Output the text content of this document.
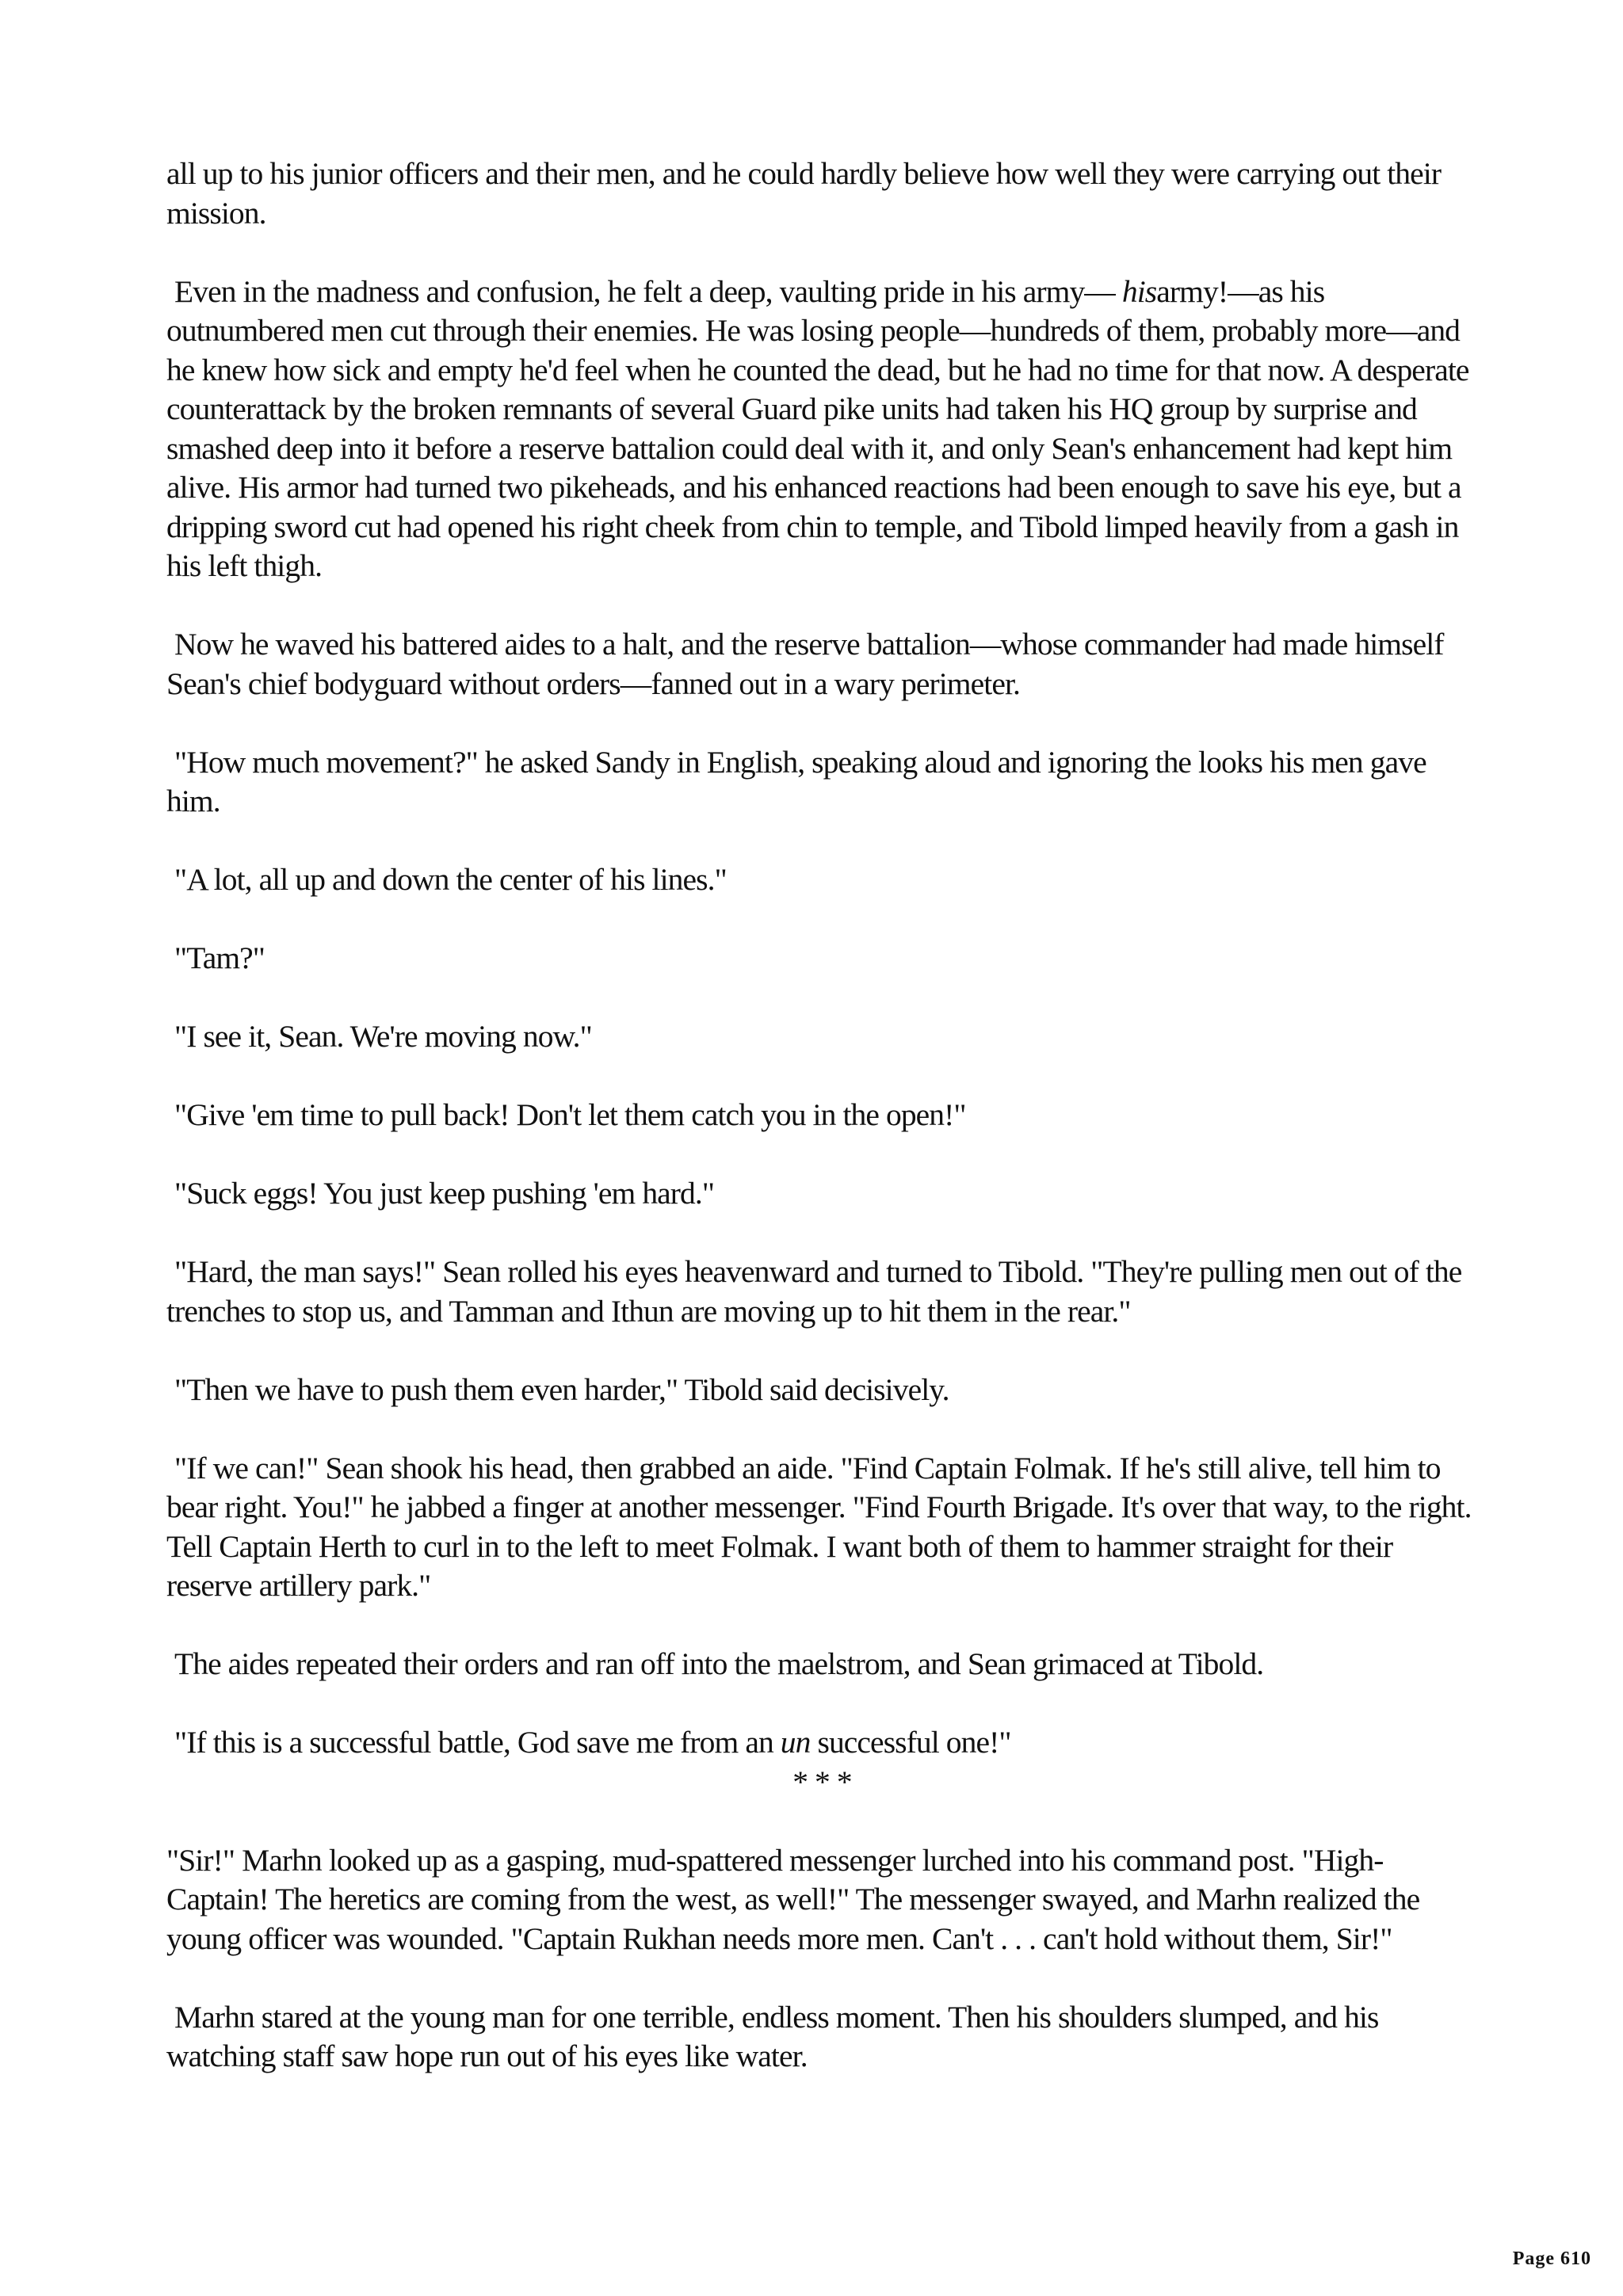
all up to his junior officers and their men, and he could hardly believe how well they were carrying out their mission.

Even in the madness and confusion, he felt a deep, vaulting pride in his army— hisarmy!—as his outnumbered men cut through their enemies. He was losing people—hundreds of them, probably more—and he knew how sick and empty he'd feel when he counted the dead, but he had no time for that now. A desperate counterattack by the broken remnants of several Guard pike units had taken his HQ group by surprise and smashed deep into it before a reserve battalion could deal with it, and only Sean's enhancement had kept him alive. His armor had turned two pikeheads, and his enhanced reactions had been enough to save his eye, but a dripping sword cut had opened his right cheek from chin to temple, and Tibold limped heavily from a gash in his left thigh.

Now he waved his battered aides to a halt, and the reserve battalion—whose commander had made himself Sean's chief bodyguard without orders—fanned out in a wary perimeter.

"How much movement?" he asked Sandy in English, speaking aloud and ignoring the looks his men gave him.

"A lot, all up and down the center of his lines."

"Tam?"

"I see it, Sean. We're moving now."

"Give 'em time to pull back! Don't let them catch you in the open!"

"Suck eggs! You just keep pushing 'em hard."

"Hard, the man says!" Sean rolled his eyes heavenward and turned to Tibold. "They're pulling men out of the trenches to stop us, and Tamman and Ithun are moving up to hit them in the rear."

"Then we have to push them even harder," Tibold said decisively.

"If we can!" Sean shook his head, then grabbed an aide. "Find Captain Folmak. If he's still alive, tell him to bear right. You!" he jabbed a finger at another messenger. "Find Fourth Brigade. It's over that way, to the right. Tell Captain Herth to curl in to the left to meet Folmak. I want both of them to hammer straight for their reserve artillery park."

The aides repeated their orders and ran off into the maelstrom, and Sean grimaced at Tibold.

"If this is a successful battle, God save me from an un successful one!"

* * *

"Sir!" Marhn looked up as a gasping, mud-spattered messenger lurched into his command post. "High-Captain! The heretics are coming from the west, as well!" The messenger swayed, and Marhn realized the young officer was wounded. "Captain Rukhan needs more men. Can't . . . can't hold without them, Sir!"

Marhn stared at the young man for one terrible, endless moment. Then his shoulders slumped, and his watching staff saw hope run out of his eyes like water.

Page 610
